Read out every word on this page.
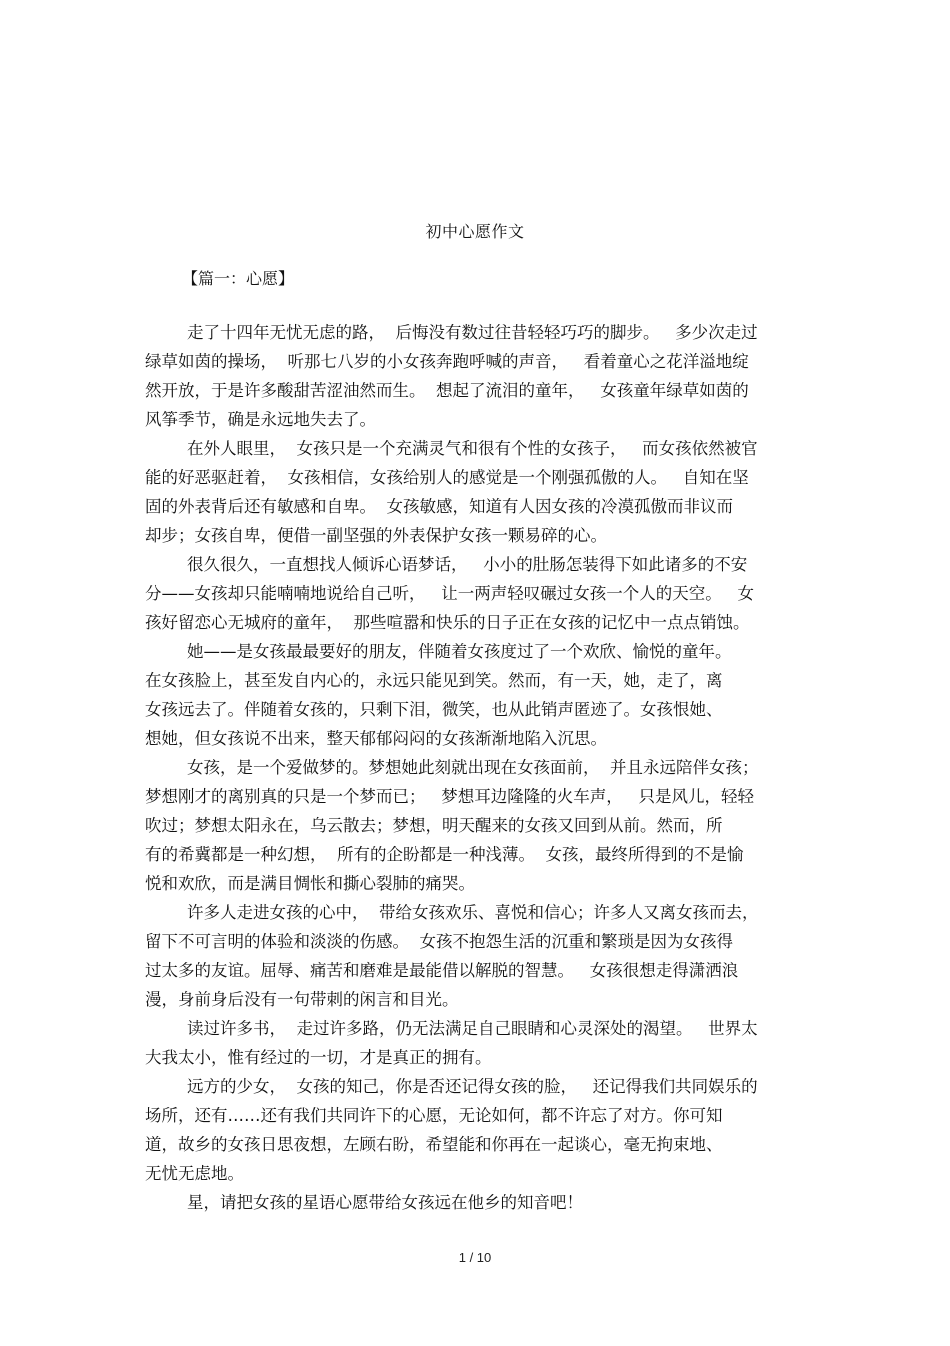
初中心愿作文
【篇一：心愿】
走了十四年无忧无虑的路，  后悔没有数过往昔轻轻巧巧的脚步。   多少次走过
绿草如茵的操场，  听那七八岁的小女孩奔跑呼喊的声音，   看着童心之花洋溢地绽
然开放，于是许多酸甜苦涩油然而生。  想起了流泪的童年，   女孩童年绿草如茵的
风筝季节，确是永远地失去了。
在外人眼里，  女孩只是一个充满灵气和很有个性的女孩子，   而女孩依然被官
能的好恶驱赶着，  女孩相信，女孩给别人的感觉是一个刚强孤傲的人。   自知在坚
固的外表背后还有敏感和自卑。  女孩敏感，知道有人因女孩的冷漠孤傲而非议而
却步；女孩自卑，便借一副坚强的外表保护女孩一颗易碎的心。
很久很久，一直想找人倾诉心语梦话，   小小的肚肠怎装得下如此诸多的不安
分——女孩却只能喃喃地说给自己听，   让一两声轻叹碾过女孩一个人的天空。   女
孩好留恋心无城府的童年，  那些喧嚣和快乐的日子正在女孩的记忆中一点点销蚀。
她——是女孩最最要好的朋友，伴随着女孩度过了一个欢欣、愉悦的童年。
在女孩脸上，甚至发自内心的，永远只能见到笑。然而，有一天，她，走了，离
女孩远去了。伴随着女孩的，只剩下泪，微笑，也从此销声匿迹了。女孩恨她、
想她，但女孩说不出来，整天郁郁闷闷的女孩渐渐地陷入沉思。
女孩，是一个爱做梦的。梦想她此刻就出现在女孩面前，  并且永远陪伴女孩；
梦想刚才的离别真的只是一个梦而已；   梦想耳边隆隆的火车声，   只是风儿，轻轻
吹过；梦想太阳永在，乌云散去；梦想，明天醒来的女孩又回到从前。然而，所
有的希冀都是一种幻想，  所有的企盼都是一种浅薄。  女孩，最终所得到的不是愉
悦和欢欣，而是满目惆怅和撕心裂肺的痛哭。
许多人走进女孩的心中，  带给女孩欢乐、喜悦和信心；许多人又离女孩而去，
留下不可言明的体验和淡淡的伤感。  女孩不抱怨生活的沉重和繁琐是因为女孩得
过太多的友谊。屈辱、痛苦和磨难是最能借以解脱的智慧。   女孩很想走得潇洒浪
漫，身前身后没有一句带刺的闲言和目光。
读过许多书，  走过许多路，仍无法满足自己眼睛和心灵深处的渴望。   世界太
大我太小，惟有经过的一切，才是真正的拥有。
远方的少女，  女孩的知己，你是否还记得女孩的脸，   还记得我们共同娱乐的
场所，还有……还有我们共同许下的心愿，无论如何，都不许忘了对方。你可知
道，故乡的女孩日思夜想，左顾右盼，希望能和你再在一起谈心，毫无拘束地、
无忧无虑地。
星，请把女孩的星语心愿带给女孩远在他乡的知音吧！
1 / 10
